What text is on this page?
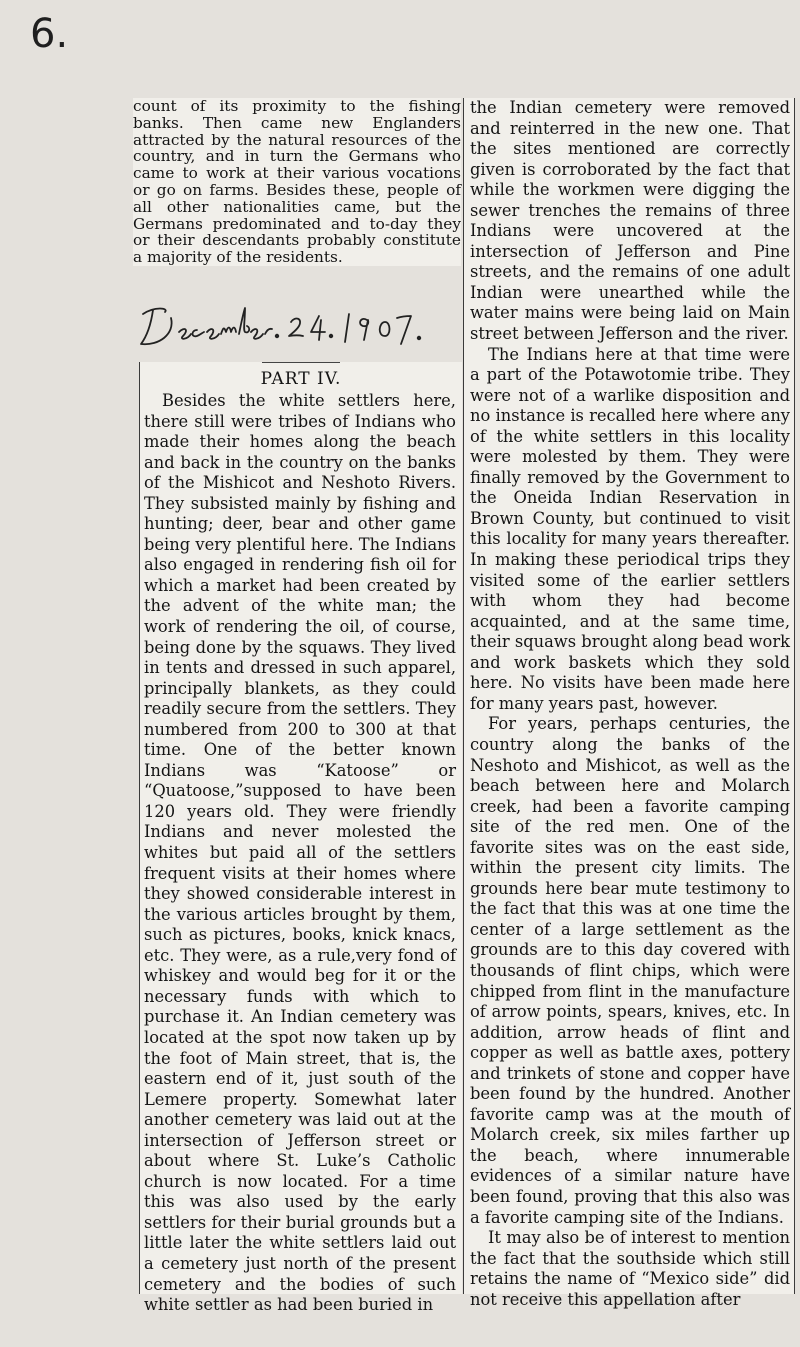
6.

count of its proximity to the fishing banks. Then came new Englanders attracted by the natural resources of the country, and in turn the Germans who came to work at their various vocations or go on farms. Besides these, people of all other nationalities came, but the Germans predominated and to-day they or their descendants probably constitute a majority of the residents.

PART IV.

Besides the white settlers here, there still were tribes of Indians who made their homes along the beach and back in the country on the banks of the Mishicot and Neshoto Rivers. They subsisted mainly by fishing and hunting; deer, bear and other game being very plentiful here. The Indians also engaged in rendering fish oil for which a market had been created by the advent of the white man; the work of rendering the oil, of course, being done by the squaws. They lived in tents and dressed in such apparel, principally blankets, as they could readily secure from the settlers. They numbered from 200 to 300 at that time. One of the better known Indians was “Katoose” or “Quatoose,”supposed to have been 120 years old. They were friendly Indians and never molested the whites but paid all of the settlers frequent visits at their homes where they showed considerable interest in the various articles brought by them, such as pictures, books, knick knacs, etc. They were, as a rule,very fond of whiskey and would beg for it or the necessary funds with which to purchase it. An Indian cemetery was located at the spot now taken up by the foot of Main street, that is, the eastern end of it, just south of the Lemere property. Somewhat later another cemetery was laid out at the intersection of Jefferson street or about where St. Luke’s Catholic church is now located. For a time this was also used by the early settlers for their burial grounds but a little later the white settlers laid out a cemetery just north of the present cemetery and the bodies of such white settler as had been buried in

the Indian cemetery were removed and reinterred in the new one. That the sites mentioned are correctly given is corroborated by the fact that while the workmen were digging the sewer trenches the remains of three Indians were uncovered at the intersection of Jefferson and Pine streets, and the remains of one adult Indian were unearthed while the water mains were being laid on Main street between Jefferson and the river.

The Indians here at that time were a part of the Potawotomie tribe. They were not of a warlike disposition and no instance is recalled here where any of the white settlers in this locality were molested by them. They were finally removed by the Government to the Oneida Indian Reservation in Brown County, but continued to visit this locality for many years thereafter. In making these periodical trips they visited some of the earlier settlers with whom they had become acquainted, and at the same time, their squaws brought along bead work and work baskets which they sold here. No visits have been made here for many years past, however.

For years, perhaps centuries, the country along the banks of the Neshoto and Mishicot, as well as the beach between here and Molarch creek, had been a favorite camping site of the red men. One of the favorite sites was on the east side, within the present city limits. The grounds here bear mute testimony to the fact that this was at one time the center of a large settlement as the grounds are to this day covered with thousands of flint chips, which were chipped from flint in the manufacture of arrow points, spears, knives, etc. In addition, arrow heads of flint and copper as well as battle axes, pottery and trinkets of stone and copper have been found by the hundred. Another favorite camp was at the mouth of Molarch creek, six miles farther up the beach, where innumerable evidences of a similar nature have been found, proving that this also was a favorite camping site of the Indians.

It may also be of interest to mention the fact that the southside which still retains the name of “Mexico side” did not receive this appellation after
